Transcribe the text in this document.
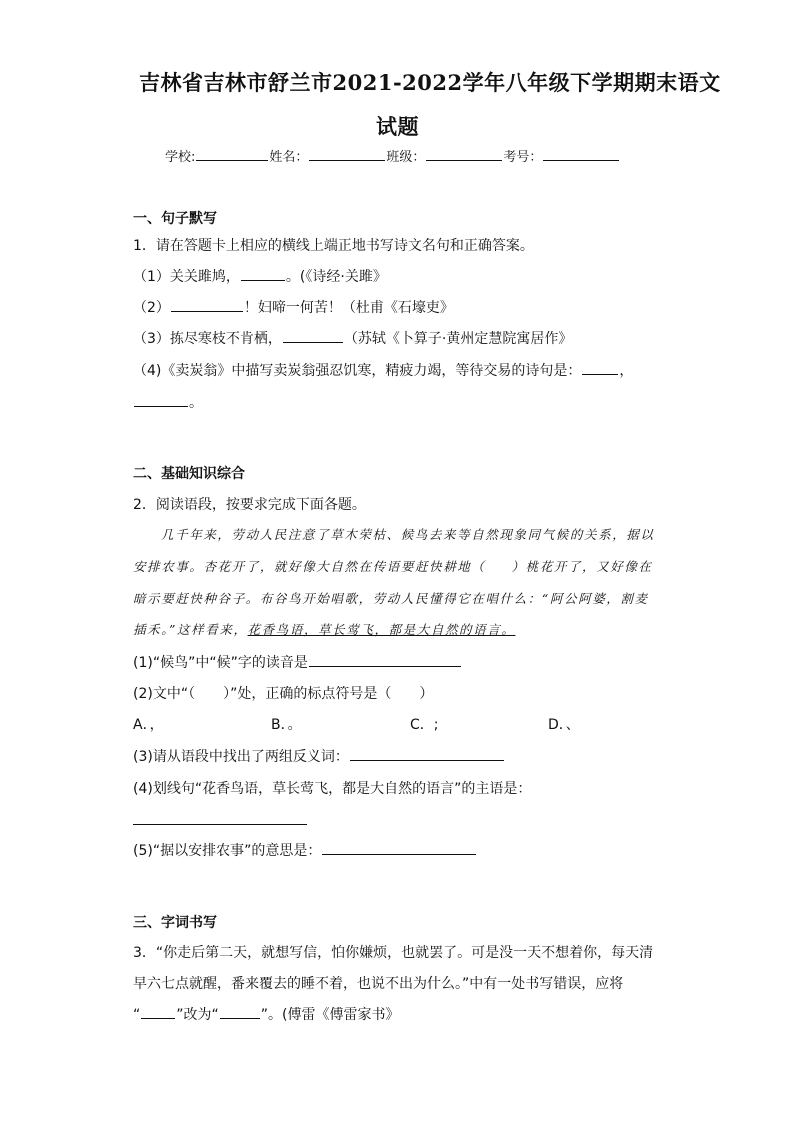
吉林省吉林市舒兰市2021-2022学年八年级下学期期末语文
试题
学校:	姓名：	班级：	考号：
一、句子默写
1．请在答题卡上相应的横线上端正地书写诗文名句和正确答案。
（1）关关雎鸠，	。(《诗经·关雎》
（2）	！妇啼一何苦！（杜甫《石壕吏》
（3）拣尽寒枝不肯栖，	（苏轼《卜算子·黄州定慧院寓居作》
（4)《卖炭翁》中描写卖炭翁强忍饥寒，精疲力竭，等待交易的诗句是：	，
。
二、基础知识综合
2．阅读语段，按要求完成下面各题。
几千年来，劳动人民注意了草木荣枯、候鸟去来等自然现象同气候的关系，据以
安排农事。杏花开了，就好像大自然在传语要赶快耕地（ ）桃花开了，又好像在
暗示要赶快种谷子。布谷鸟开始唱歌，劳动人民懂得它在唱什么：“阿公阿婆，割麦
插禾。”这样看来，花香鸟语，草长莺飞，都是大自然的语言。
(1)“候鸟”中“候”字的读音是
(2)文中“（　　）”处，正确的标点符号是（　　）
A．，	B．。	C．;	D．、
(3)请从语段中找出了两组反义词：
(4)划线句“花香鸟语，草长莺飞，都是大自然的语言”的主语是：
(5)“据以安排农事”的意思是：
三、字词书写
3．“你走后第二天，就想写信，怕你嫌烦，也就罢了。可是没一天不想着你，每天清
早六七点就醒，番来覆去的睡不着，也说不出为什么。”中有一处书写错误，应将
“	”改为“	”。(傅雷《傅雷家书》
